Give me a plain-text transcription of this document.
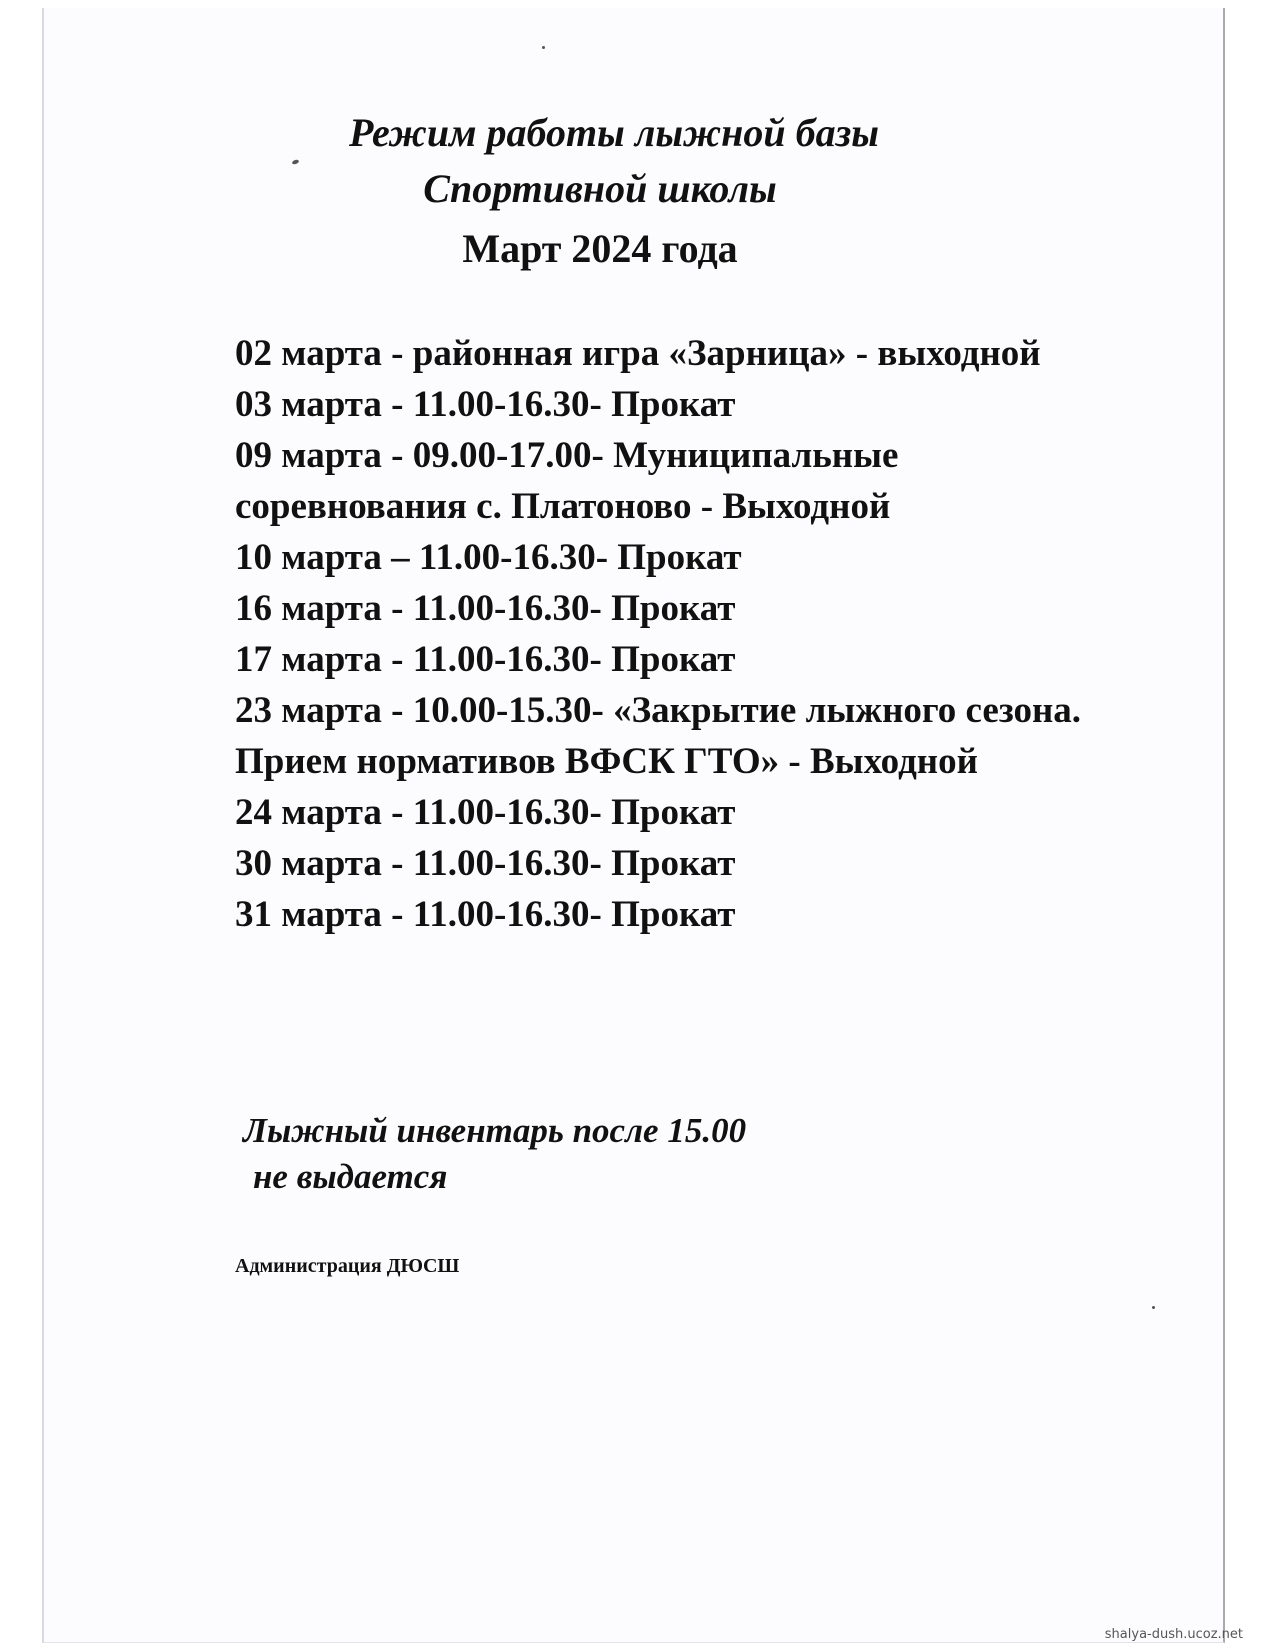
Режим работы лыжной базы
Спортивной школы
Март 2024 года
02 марта - районная игра «Зарница» - выходной
03 марта - 11.00-16.30- Прокат
09 марта - 09.00-17.00- Муниципальные соревнования с. Платоново - Выходной
10 марта – 11.00-16.30- Прокат
16 марта - 11.00-16.30- Прокат
17 марта - 11.00-16.30- Прокат
23 марта - 10.00-15.30- «Закрытие лыжного сезона. Прием нормативов ВФСК ГТО» - Выходной
24 марта - 11.00-16.30- Прокат
30 марта - 11.00-16.30- Прокат
31 марта - 11.00-16.30- Прокат
Лыжный инвентарь после 15.00
не выдается
Администрация ДЮСШ
shalya-dush.ucoz.net
